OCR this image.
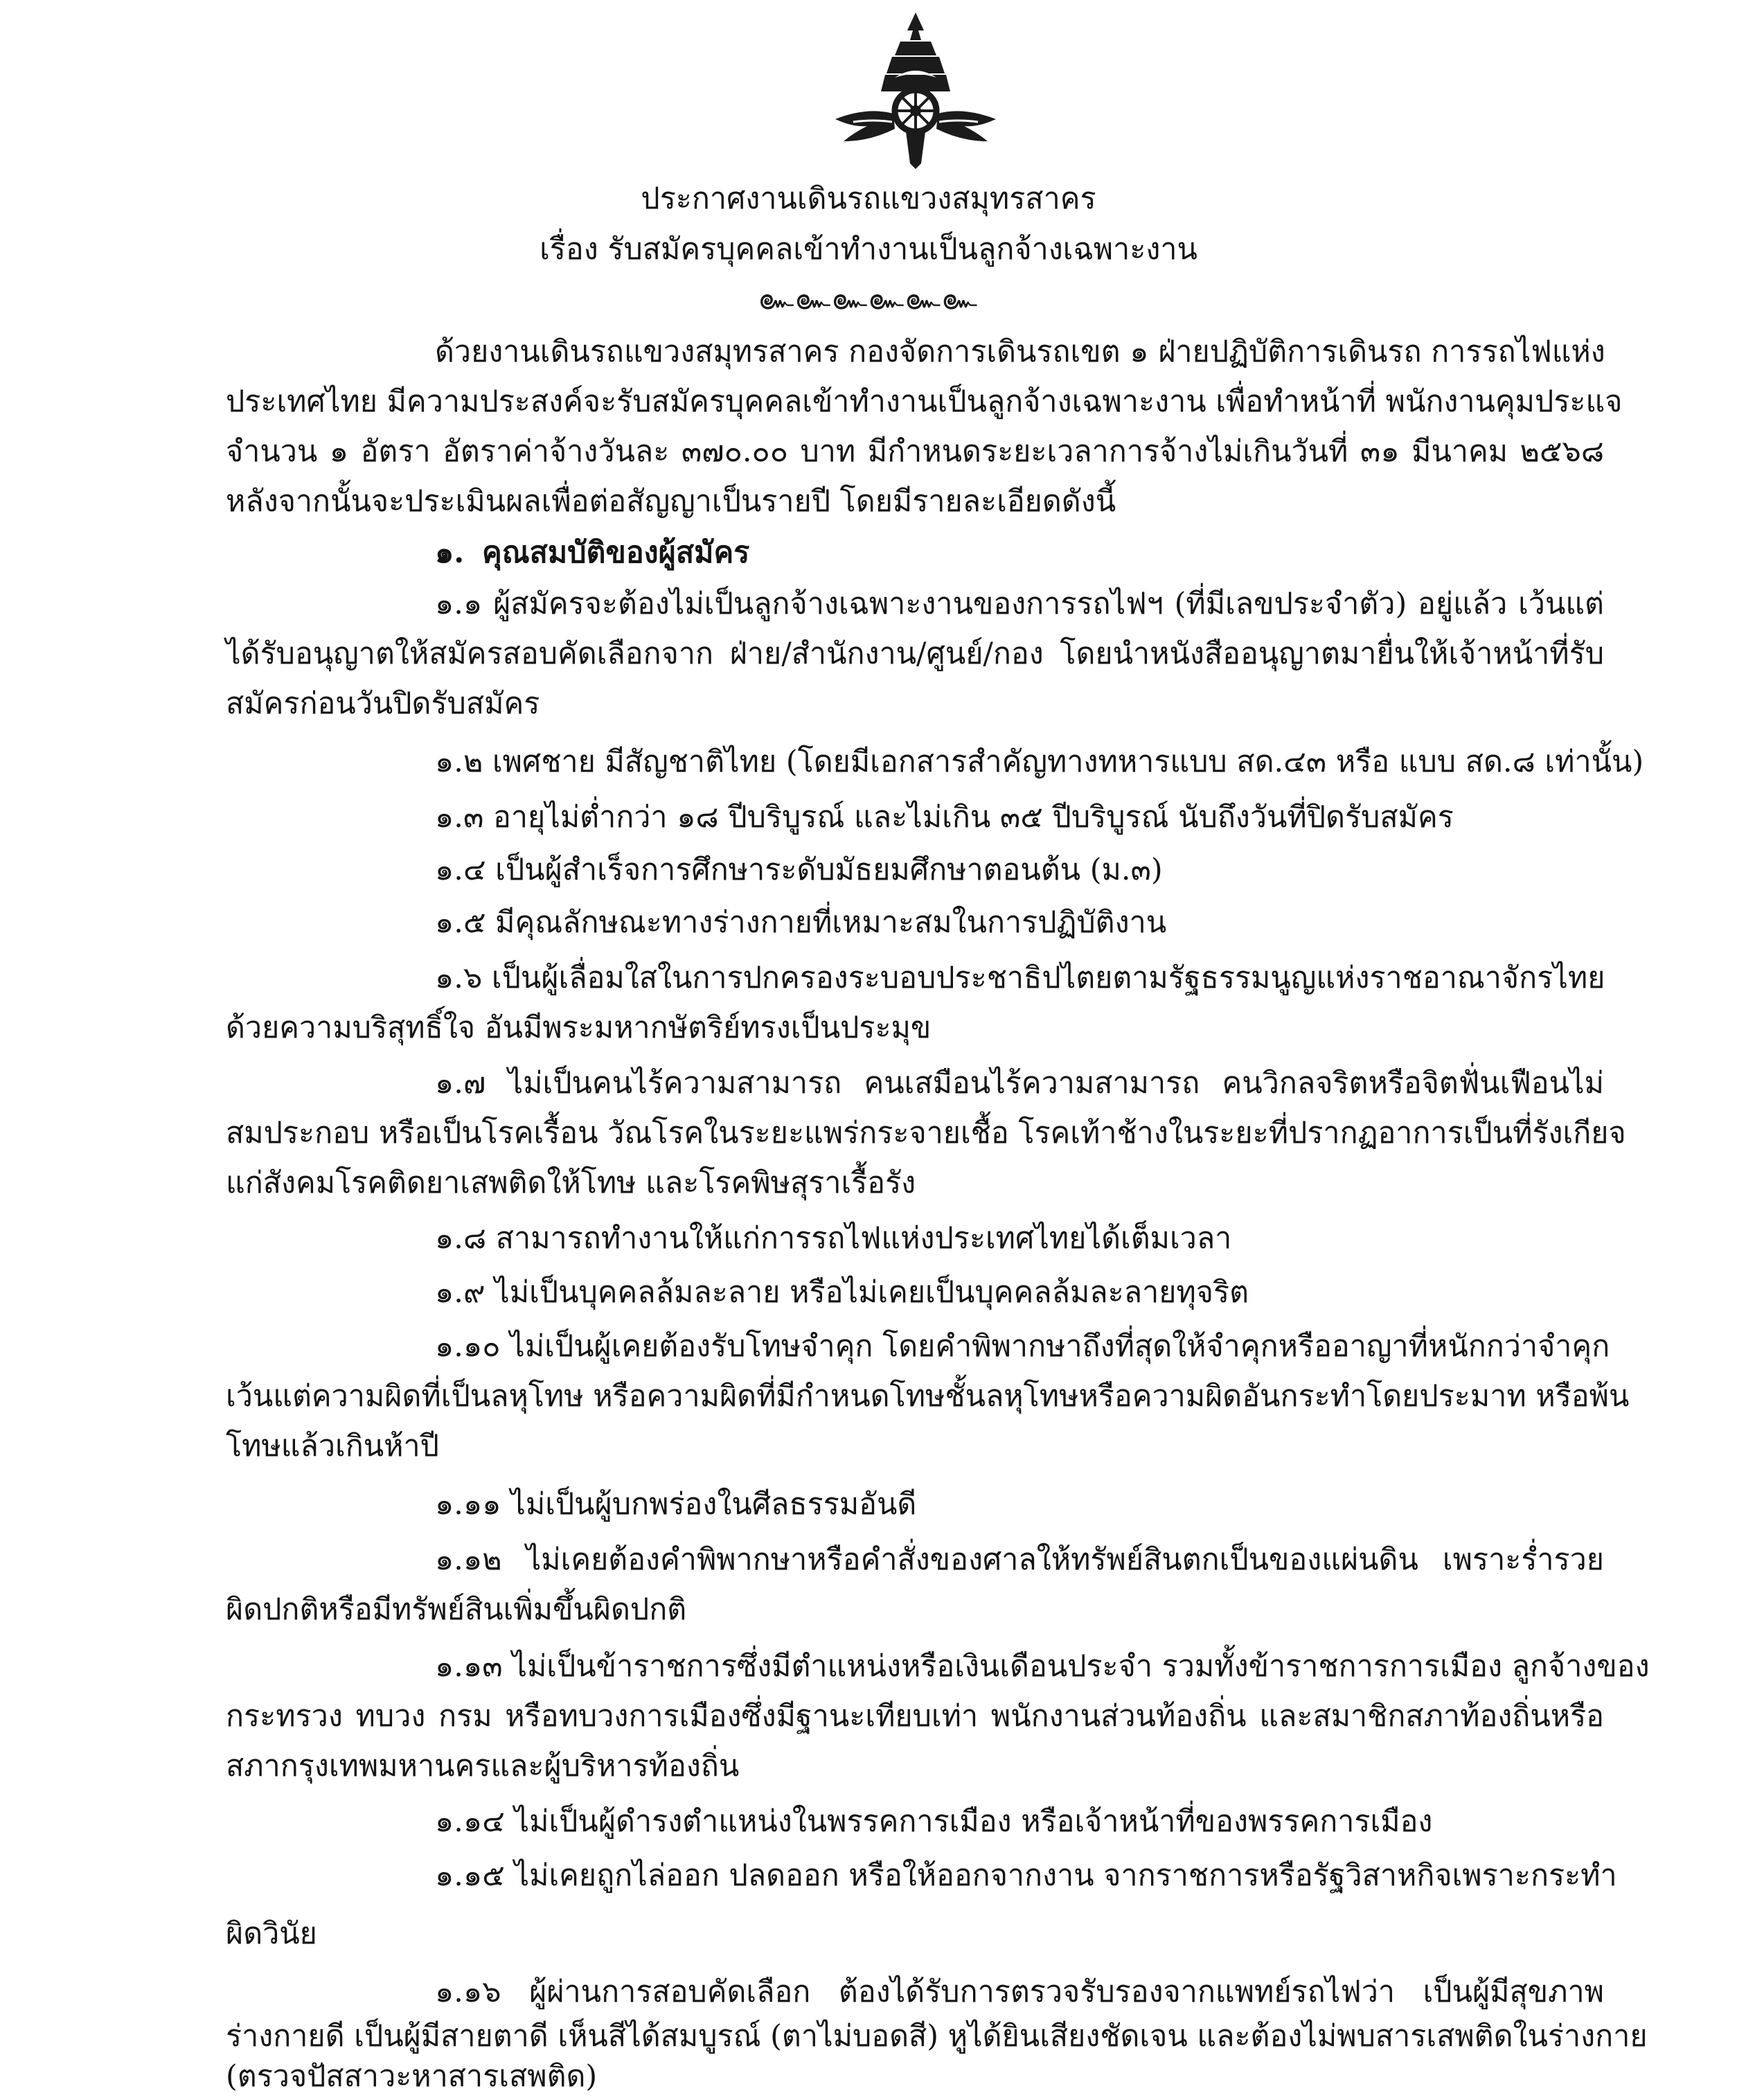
ประกาศงานเดินรถแขวงสมุทรสาคร
เรื่อง รับสมัครบุคคลเข้าทำงานเป็นลูกจ้างเฉพาะงาน
๛๛๛๛๛๛
ด้วยงานเดินรถแขวงสมุทรสาคร กองจัดการเดินรถเขต ๑ ฝ่ายปฏิบัติการเดินรถ การรถไฟแห่ง
ประเทศไทย มีความประสงค์จะรับสมัครบุคคลเข้าทำงานเป็นลูกจ้างเฉพาะงาน เพื่อทำหน้าที่ พนักงานคุมประแจ
จำนวน ๑ อัตรา อัตราค่าจ้างวันละ ๓๗๐.๐๐ บาท มีกำหนดระยะเวลาการจ้างไม่เกินวันที่ ๓๑ มีนาคม ๒๕๖๘
หลังจากนั้นจะประเมินผลเพื่อต่อสัญญาเป็นรายปี โดยมีรายละเอียดดังนี้
๑. คุณสมบัติของผู้สมัคร
๑.๑ ผู้สมัครจะต้องไม่เป็นลูกจ้างเฉพาะงานของการรถไฟฯ (ที่มีเลขประจำตัว) อยู่แล้ว เว้นแต่
ได้รับอนุญาตให้สมัครสอบคัดเลือกจาก ฝ่าย/สำนักงาน/ศูนย์/กอง โดยนำหนังสืออนุญาตมายื่นให้เจ้าหน้าที่รับ
สมัครก่อนวันปิดรับสมัคร
๑.๒ เพศชาย มีสัญชาติไทย (โดยมีเอกสารสำคัญทางทหารแบบ สด.๔๓ หรือ แบบ สด.๘ เท่านั้น)
๑.๓ อายุไม่ต่ำกว่า ๑๘ ปีบริบูรณ์ และไม่เกิน ๓๕ ปีบริบูรณ์ นับถึงวันที่ปิดรับสมัคร
๑.๔ เป็นผู้สำเร็จการศึกษาระดับมัธยมศึกษาตอนต้น (ม.๓)
๑.๕ มีคุณลักษณะทางร่างกายที่เหมาะสมในการปฏิบัติงาน
๑.๖ เป็นผู้เลื่อมใสในการปกครองระบอบประชาธิปไตยตามรัฐธรรมนูญแห่งราชอาณาจักรไทย
ด้วยความบริสุทธิ์ใจ อันมีพระมหากษัตริย์ทรงเป็นประมุข
๑.๗ ไม่เป็นคนไร้ความสามารถ คนเสมือนไร้ความสามารถ คนวิกลจริตหรือจิตฟั่นเฟือนไม่
สมประกอบ หรือเป็นโรคเรื้อน วัณโรคในระยะแพร่กระจายเชื้อ โรคเท้าช้างในระยะที่ปรากฏอาการเป็นที่รังเกียจ
แก่สังคมโรคติดยาเสพติดให้โทษ และโรคพิษสุราเรื้อรัง
๑.๘ สามารถทำงานให้แก่การรถไฟแห่งประเทศไทยได้เต็มเวลา
๑.๙ ไม่เป็นบุคคลล้มละลาย หรือไม่เคยเป็นบุคคลล้มละลายทุจริต
๑.๑๐ ไม่เป็นผู้เคยต้องรับโทษจำคุก โดยคำพิพากษาถึงที่สุดให้จำคุกหรืออาญาที่หนักกว่าจำคุก
เว้นแต่ความผิดที่เป็นลหุโทษ หรือความผิดที่มีกำหนดโทษชั้นลหุโทษหรือความผิดอันกระทำโดยประมาท หรือพ้น
โทษแล้วเกินห้าปี
๑.๑๑ ไม่เป็นผู้บกพร่องในศีลธรรมอันดี
๑.๑๒ ไม่เคยต้องคำพิพากษาหรือคำสั่งของศาลให้ทรัพย์สินตกเป็นของแผ่นดิน เพราะร่ำรวย
ผิดปกติหรือมีทรัพย์สินเพิ่มขึ้นผิดปกติ
๑.๑๓ ไม่เป็นข้าราชการซึ่งมีตำแหน่งหรือเงินเดือนประจำ รวมทั้งข้าราชการการเมือง ลูกจ้างของ
กระทรวง ทบวง กรม หรือทบวงการเมืองซึ่งมีฐานะเทียบเท่า พนักงานส่วนท้องถิ่น และสมาชิกสภาท้องถิ่นหรือ
สภากรุงเทพมหานครและผู้บริหารท้องถิ่น
๑.๑๔ ไม่เป็นผู้ดำรงตำแหน่งในพรรคการเมือง หรือเจ้าหน้าที่ของพรรคการเมือง
๑.๑๕ ไม่เคยถูกไล่ออก ปลดออก หรือให้ออกจากงาน จากราชการหรือรัฐวิสาหกิจเพราะกระทำ
ผิดวินัย
๑.๑๖ ผู้ผ่านการสอบคัดเลือก ต้องได้รับการตรวจรับรองจากแพทย์รถไฟว่า เป็นผู้มีสุขภาพ
ร่างกายดี เป็นผู้มีสายตาดี เห็นสีได้สมบูรณ์ (ตาไม่บอดสี) หูได้ยินเสียงชัดเจน และต้องไม่พบสารเสพติดในร่างกาย
(ตรวจปัสสาวะหาสารเสพติด)
